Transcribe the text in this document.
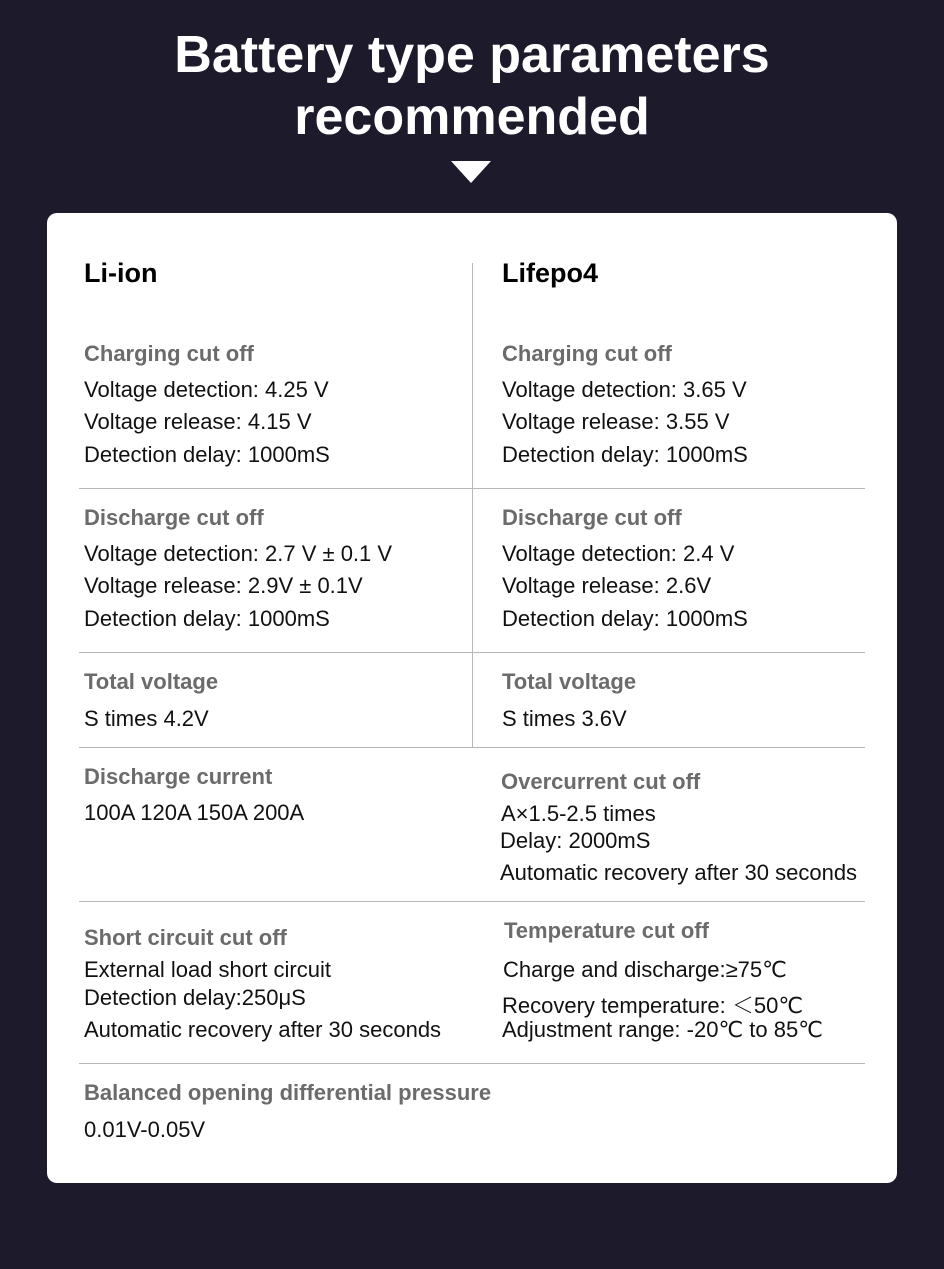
Battery type parameters
recommended
Li-ion	Lifepo4
Charging cut off
Voltage detection: 4.25 V
Voltage release: 4.15 V
Detection delay: 1000mS
Charging cut off
Voltage detection: 3.65 V
Voltage release: 3.55 V
Detection delay: 1000mS
Discharge cut off
Voltage detection: 2.7 V ± 0.1 V
Voltage release: 2.9V ± 0.1V
Detection delay: 1000mS
Discharge cut off
Voltage detection: 2.4 V
Voltage release: 2.6V
Detection delay: 1000mS
Total voltage
S times 4.2V
Total voltage
S times 3.6V
Discharge current
100A 120A 150A 200A
Overcurrent cut off
A×1.5-2.5 times
Delay: 2000mS
Automatic recovery after 30 seconds
Short circuit cut off
External load short circuit
Detection delay:250μS
Automatic recovery after 30 seconds
Temperature cut off
Charge and discharge:≥75℃
Recovery temperature: ＜50℃
Adjustment range: -20℃ to 85℃
Balanced opening differential pressure
0.01V-0.05V
